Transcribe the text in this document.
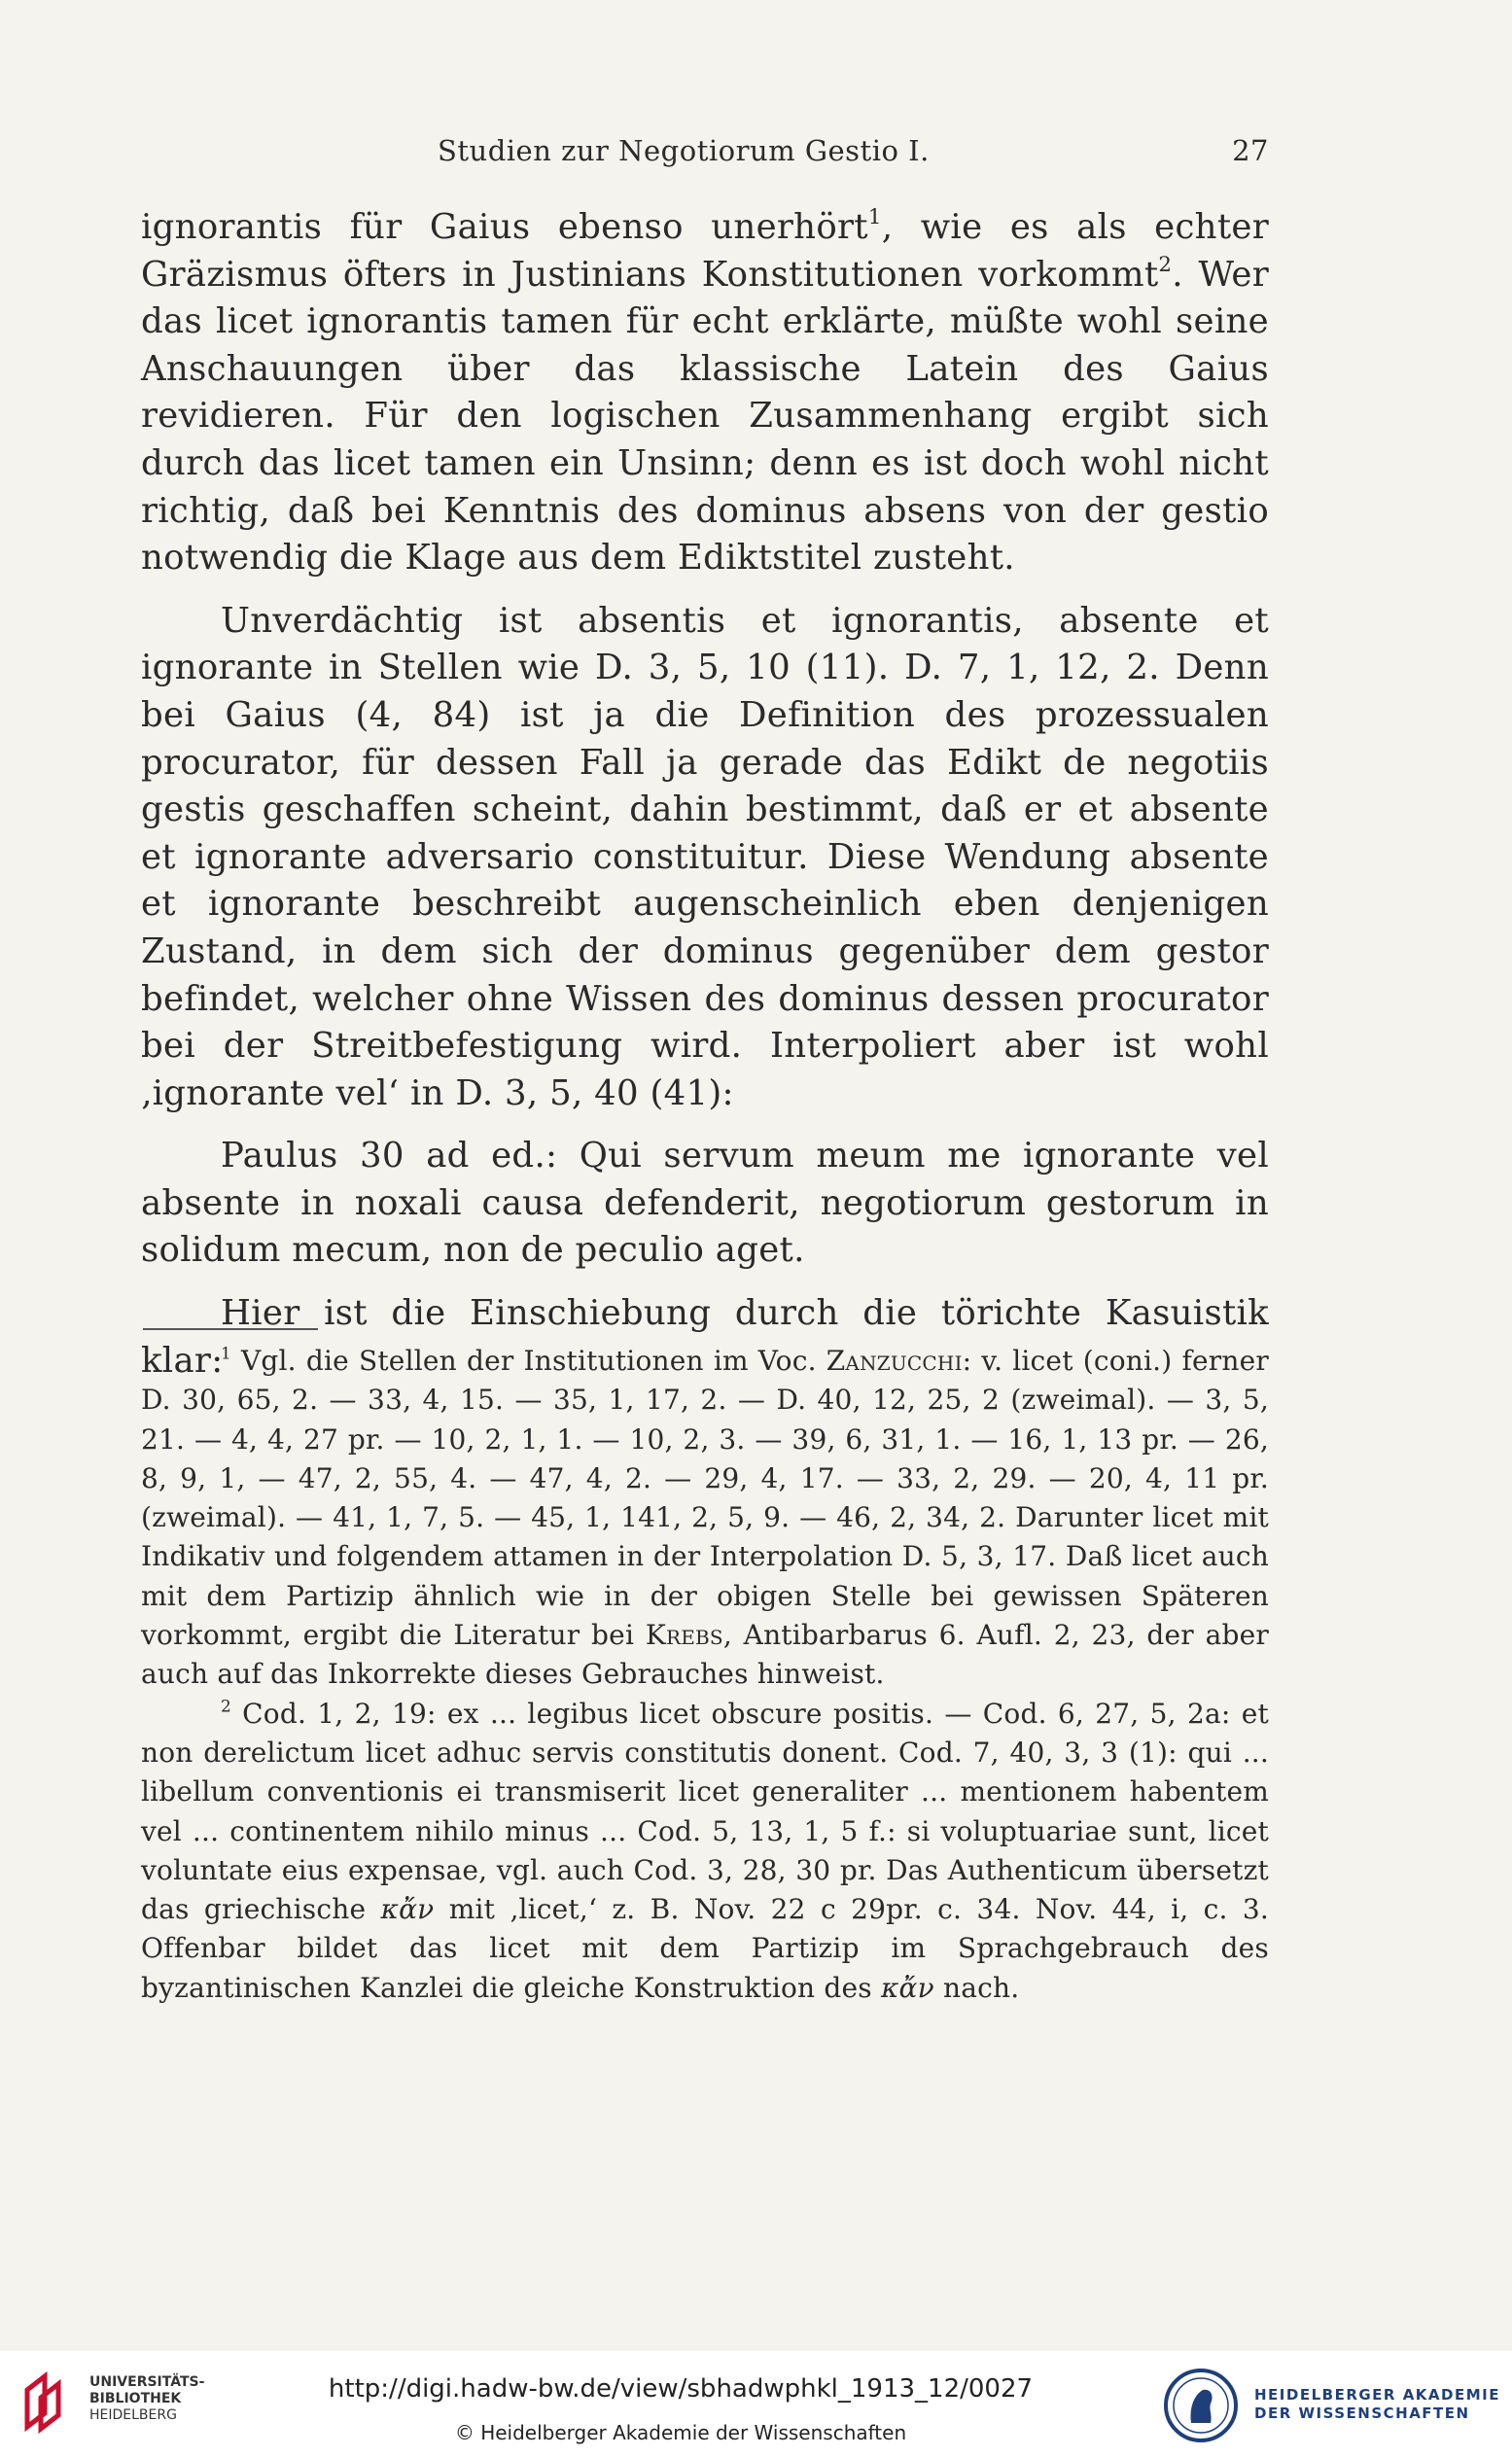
Studien zur Negotiorum Gestio I.	27

ignorantis für Gaius ebenso unerhört$^1$, wie es als echter Gräzismus öfters in Justinians Konstitutionen vorkommt$^2$. Wer das licet ignorantis tamen für echt erklärte, müßte wohl seine Anschauungen über das klassische Latein des Gaius revidieren. Für den logischen Zusammenhang ergibt sich durch das licet tamen ein Unsinn; denn es ist doch wohl nicht richtig, daß bei Kenntnis des dominus absens von der gestio notwendig die Klage aus dem Ediktstitel zusteht.

Unverdächtig ist absentis et ignorantis, absente et ignorante in Stellen wie D. 3, 5, 10 (11). D. 7, 1, 12, 2. Denn bei Gaius (4, 84) ist ja die Definition des prozessualen procurator, für dessen Fall ja gerade das Edikt de negotiis gestis geschaffen scheint, dahin bestimmt, daß er et absente et ignorante adversario constituitur. Diese Wendung absente et ignorante beschreibt augenscheinlich eben denjenigen Zustand, in dem sich der dominus gegenüber dem gestor befindet, welcher ohne Wissen des dominus dessen procurator bei der Streitbefestigung wird. Interpoliert aber ist wohl ‚ignorante vel‘ in D. 3, 5, 40 (41):

Paulus 30 ad ed.: Qui servum meum me ignorante vel absente in noxali causa defenderit, negotiorum gestorum in solidum mecum, non de peculio aget.

Hier ist die Einschiebung durch die törichte Kasuistik klar:

$^1$ Vgl. die Stellen der Institutionen im Voc. Zanzucchi: v. licet (coni.) ferner D. 30, 65, 2. — 33, 4, 15. — 35, 1, 17, 2. — D. 40, 12, 25, 2 (zweimal). — 3, 5, 21. — 4, 4, 27 pr. — 10, 2, 1, 1. — 10, 2, 3. — 39, 6, 31, 1. — 16, 1, 13 pr. — 26, 8, 9, 1, — 47, 2, 55, 4. — 47, 4, 2. — 29, 4, 17. — 33, 2, 29. — 20, 4, 11 pr. (zweimal). — 41, 1, 7, 5. — 45, 1, 141, 2, 5, 9. — 46, 2, 34, 2. Darunter licet mit Indikativ und folgendem attamen in der Interpolation D. 5, 3, 17. Daß licet auch mit dem Partizip ähnlich wie in der obigen Stelle bei gewissen Späteren vorkommt, ergibt die Literatur bei Krebs, Antibarbarus 6. Aufl. 2, 23, der aber auch auf das Inkorrekte dieses Gebrauches hinweist.

$^2$ Cod. 1, 2, 19: ex ... legibus licet obscure positis. — Cod. 6, 27, 5, 2a: et non derelictum licet adhuc servis constitutis donent. Cod. 7, 40, 3, 3 (1): qui ... libellum conventionis ei transmiserit licet generaliter ... mentionem habentem vel ... continentem nihilo minus ... Cod. 5, 13, 1, 5 f.: si voluptuariae sunt, licet voluntate eius expensae, vgl. auch Cod. 3, 28, 30 pr. Das Authenticum übersetzt das griechische κἄν mit ‚licet,‘ z. B. Nov. 22 c 29pr. c. 34. Nov. 44, i, c. 3. Offenbar bildet das licet mit dem Partizip im Sprachgebrauch des byzantinischen Kanzlei die gleiche Konstruktion des κἄν nach.

UNIVERSITÄTS-
BIBLIOTHEK
HEIDELBERG
http://digi.hadw-bw.de/view/sbhadwphkl_1913_12/0027
© Heidelberger Akademie der Wissenschaften
HEIDELBERGER AKADEMIE
DER WISSENSCHAFTEN
